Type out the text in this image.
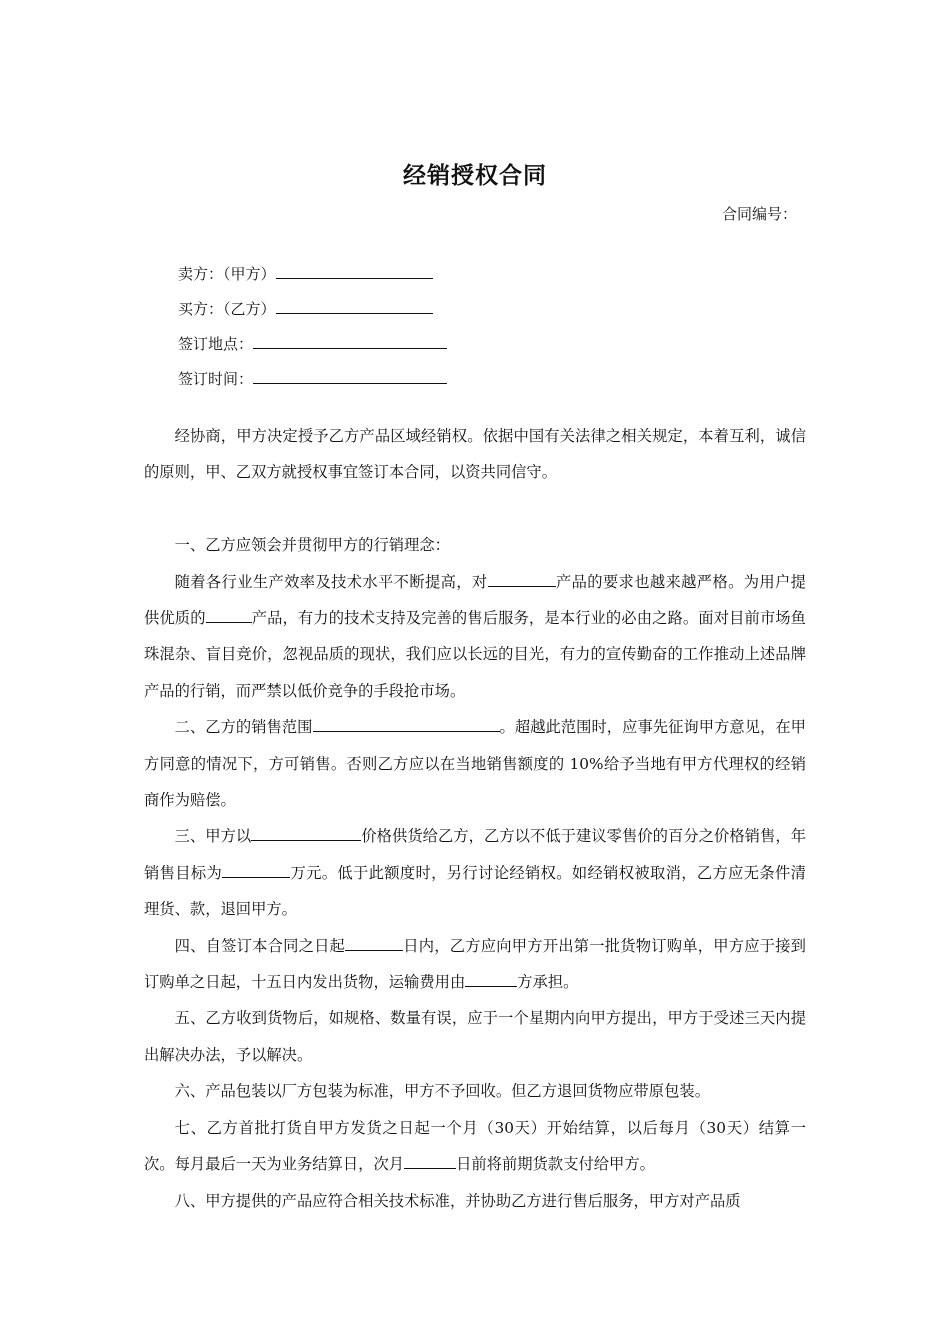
经销授权合同
合同编号：
卖方：（甲方）
买方：（乙方）
签订地点：
签订时间：

经协商，甲方决定授予乙方产品区域经销权。依据中国有关法律之相关规定，本着互利，诚信的原则，甲、乙双方就授权事宜签订本合同，以资共同信守。

一、乙方应领会并贯彻甲方的行销理念：

随着各行业生产效率及技术水平不断提高，对	产品的要求也越来越严格。为用户提供优质的	产品，有力的技术支持及完善的售后服务，是本行业的必由之路。面对目前市场鱼珠混杂、盲目竞价，忽视品质的现状，我们应以长远的目光，有力的宣传勤奋的工作推动上述品牌产品的行销，而严禁以低价竞争的手段抢市场。

二、乙方的销售范围	。超越此范围时，应事先征询甲方意见，在甲方同意的情况下，方可销售。否则乙方应以在当地销售额度的 10%给予当地有甲方代理权的经销商作为赔偿。

三、甲方以	价格供货给乙方，乙方以不低于建议零售价的百分之价格销售，年销售目标为	万元。低于此额度时，另行讨论经销权。如经销权被取消，乙方应无条件清理货、款，退回甲方。

四、自签订本合同之日起	日内，乙方应向甲方开出第一批货物订购单，甲方应于接到订购单之日起，十五日内发出货物，运输费用由	方承担。

五、乙方收到货物后，如规格、数量有误，应于一个星期内向甲方提出，甲方于受述三天内提出解决办法，予以解决。

六、产品包装以厂方包装为标准，甲方不予回收。但乙方退回货物应带原包装。

七、乙方首批打货自甲方发货之日起一个月（30天）开始结算，以后每月（30天）结算一次。每月最后一天为业务结算日，次月	日前将前期货款支付给甲方。

八、甲方提供的产品应符合相关技术标准，并协助乙方进行售后服务，甲方对产品质
